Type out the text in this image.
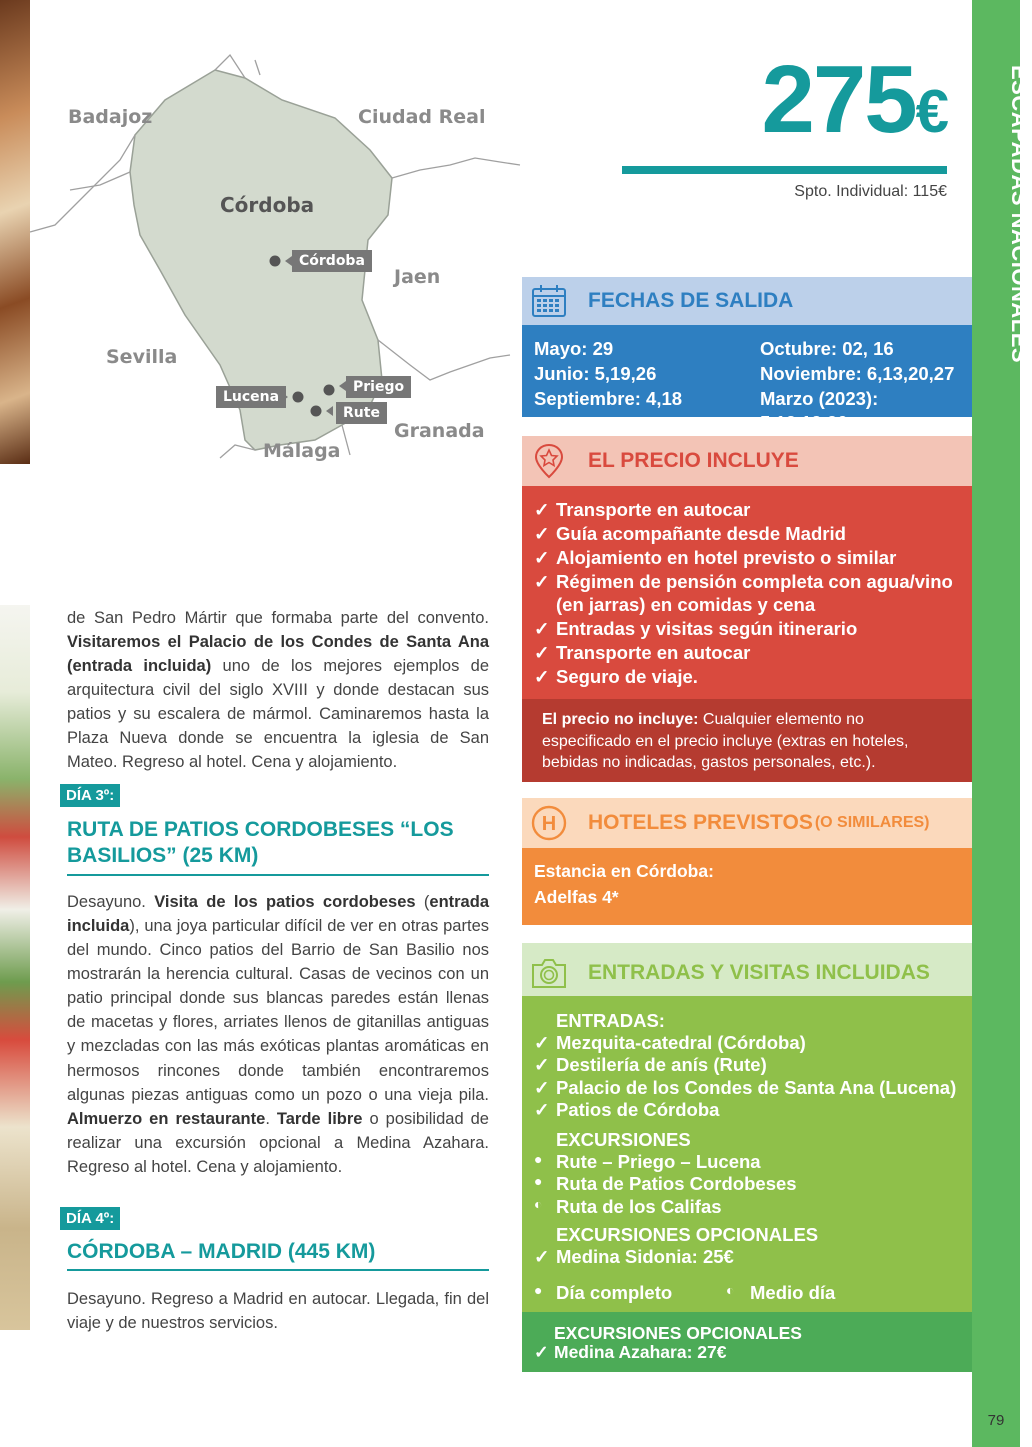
Badajoz	Ciudad Real
Córdoba
Jaen
Sevilla
Granada
Málaga
Córdoba
Lucena
Priego
Rute
275€
Spto. Individual: 115€	ESCAPADAS NACIONALES
79
FECHAS DE SALIDA
Mayo: 29	Octubre: 02, 16
Junio: 5,19,26	Noviembre: 6,13,20,27
Septiembre: 4,18	Marzo (2023): 5,12,19,26
EL PRECIO INCLUYE
✓ Transporte en autocar
✓ Guía acompañante desde Madrid
✓ Alojamiento en hotel previsto o similar
✓ Régimen de pensión completa con agua/vino (en jarras) en comidas y cena
✓ Entradas y visitas según itinerario
✓ Transporte en autocar
✓ Seguro de viaje.
El precio no incluye: Cualquier elemento no especificado en el precio incluye (extras en hoteles, bebidas no indicadas, gastos personales, etc.).
H HOTELES PREVISTOS (O SIMILARES)
Estancia en Córdoba:
Adelfas 4*
ENTRADAS Y VISITAS INCLUIDAS
ENTRADAS:
✓ Mezquita-catedral (Córdoba)
✓ Destilería de anís (Rute)
✓ Palacio de los Condes de Santa Ana (Lucena)
✓ Patios de Córdoba
EXCURSIONES
● Rute – Priego – Lucena
● Ruta de Patios Cordobeses
◐ Ruta de los Califas
EXCURSIONES OPCIONALES
✓ Medina Sidonia: 25€
● Día completo	◐ Medio día
EXCURSIONES OPCIONALES
✓ Medina Azahara: 27€

de San Pedro Mártir que formaba parte del convento. Visitaremos el Palacio de los Condes de Santa Ana (entrada incluida) uno de los mejores ejemplos de arquitectura civil del siglo XVIII y donde destacan sus patios y su escalera de mármol. Caminaremos hasta la Plaza Nueva donde se encuentra la iglesia de San Mateo. Regreso al hotel. Cena y alojamiento.

DÍA 3º:
RUTA DE PATIOS CORDOBESES “LOS BASILIOS” (25 KM)

Desayuno. Visita de los patios cordobeses (entrada incluida), una joya particular difícil de ver en otras partes del mundo. Cinco patios del Barrio de San Basilio nos mostrarán la herencia cultural. Casas de vecinos con un patio principal donde sus blancas paredes están llenas de macetas y flores, arriates llenos de gitanillas antiguas y mezcladas con las más exóticas plantas aromáticas en hermosos rincones donde también encontraremos algunas piezas antiguas como un pozo o una vieja pila. Almuerzo en restaurante. Tarde libre o posibilidad de realizar una excursión opcional a Medina Azahara. Regreso al hotel. Cena y alojamiento.

DÍA 4º:
CÓRDOBA – MADRID (445 KM)

Desayuno. Regreso a Madrid en autocar. Llegada, fin del viaje y de nuestros servicios.
